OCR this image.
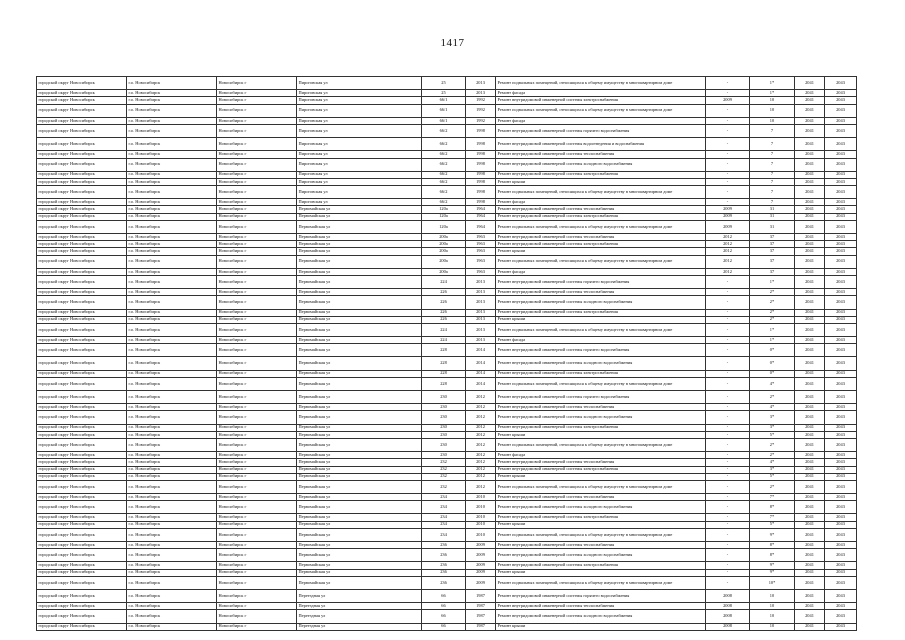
1417
городской округ Новосибирск	г.о. Новосибирск	Новосибирск г	Пироговская ул	25	2013	Ремонт подвальных помещений, относящихся к общему имуществу в многоквартирном доме	-	1*	2041	2043
городской округ Новосибирск	г.о. Новосибирск	Новосибирск г	Пироговская ул	25	2013	Ремонт фасада	-	1*	2041	2043
городской округ Новосибирск	г.о. Новосибирск	Новосибирск г	Пироговская ул	66/1	1992	Ремонт внутридомовой инженерной системы электроснабжения	2009	10	2041	2043
городской округ Новосибирск	г.о. Новосибирск	Новосибирск г	Пироговская ул	66/1	1992	Ремонт подвальных помещений, относящихся к общему имуществу в многоквартирном доме	-	10	2041	2043
городской округ Новосибирск	г.о. Новосибирск	Новосибирск г	Пироговская ул	66/1	1992	Ремонт фасада	-	10	2041	2043
городской округ Новосибирск	г.о. Новосибирск	Новосибирск г	Пироговская ул	66/2	1998	Ремонт внутридомовой инженерной системы горячего водоснабжения	-	7	2041	2043
городской округ Новосибирск	г.о. Новосибирск	Новосибирск г	Пироговская ул	66/2	1998	Ремонт внутридомовой инженерной системы водоотведения и водоснабжения	-	7	2041	2043
городской округ Новосибирск	г.о. Новосибирск	Новосибирск г	Пироговская ул	66/2	1998	Ремонт внутридомовой инженерной системы теплоснабжения	-	7	2041	2043
городской округ Новосибирск	г.о. Новосибирск	Новосибирск г	Пироговская ул	66/2	1998	Ремонт внутридомовой инженерной системы холодного водоснабжения	-	7	2041	2043
городской округ Новосибирск	г.о. Новосибирск	Новосибирск г	Пироговская ул	66/2	1998	Ремонт внутридомовой инженерной системы электроснабжения	-	7	2041	2043
городской округ Новосибирск	г.о. Новосибирск	Новосибирск г	Пироговская ул	66/2	1998	Ремонт крыши	-	7	2041	2043
городской округ Новосибирск	г.о. Новосибирск	Новосибирск г	Пироговская ул	66/2	1998	Ремонт подвальных помещений, относящихся к общему имуществу в многоквартирном доме	-	7	2041	2043
городской округ Новосибирск	г.о. Новосибирск	Новосибирск г	Пироговская ул	66/2	1998	Ремонт фасада	-	7	2041	2043
городской округ Новосибирск	г.о. Новосибирск	Новосибирск г	Первомайская ул	120а	1964	Ремонт внутридомовой инженерной системы теплоснабжения	2009	31	2041	2043
городской округ Новосибирск	г.о. Новосибирск	Новосибирск г	Первомайская ул	120а	1964	Ремонт внутридомовой инженерной системы электроснабжения	2009	31	2041	2043
городской округ Новосибирск	г.о. Новосибирск	Новосибирск г	Первомайская ул	120а	1964	Ремонт подвальных помещений, относящихся к общему имуществу в многоквартирном доме	2009	31	2041	2043
городской округ Новосибирск	г.о. Новосибирск	Новосибирск г	Первомайская ул	200а	1963	Ремонт внутридомовой инженерной системы теплоснабжения	2012	37	2041	2043
городской округ Новосибирск	г.о. Новосибирск	Новосибирск г	Первомайская ул	200а	1963	Ремонт внутридомовой инженерной системы электроснабжения	2012	37	2041	2043
городской округ Новосибирск	г.о. Новосибирск	Новосибирск г	Первомайская ул	200а	1963	Ремонт крыши	2012	37	2041	2043
городской округ Новосибирск	г.о. Новосибирск	Новосибирск г	Первомайская ул	200а	1963	Ремонт подвальных помещений, относящихся к общему имуществу в многоквартирном доме	2012	37	2041	2043
городской округ Новосибирск	г.о. Новосибирск	Новосибирск г	Первомайская ул	200а	1963	Ремонт фасада	2012	37	2041	2043
городской округ Новосибирск	г.о. Новосибирск	Новосибирск г	Первомайская ул	224	2013	Ремонт внутридомовой инженерной системы горячего водоснабжения	-	1*	2041	2043
городской округ Новосибирск	г.о. Новосибирск	Новосибирск г	Первомайская ул	226	2013	Ремонт внутридомовой инженерной системы теплоснабжения	-	2*	2041	2043
городской округ Новосибирск	г.о. Новосибирск	Новосибирск г	Первомайская ул	226	2013	Ремонт внутридомовой инженерной системы холодного водоснабжения	-	2*	2041	2043
городской округ Новосибирск	г.о. Новосибирск	Новосибирск г	Первомайская ул	226	2013	Ремонт внутридомовой инженерной системы электроснабжения	-	2*	2041	2043
городской округ Новосибирск	г.о. Новосибирск	Новосибирск г	Первомайская ул	226	2013	Ремонт крыши	-	2*	2041	2043
городской округ Новосибирск	г.о. Новосибирск	Новосибирск г	Первомайская ул	224	2013	Ремонт подвальных помещений, относящихся к общему имуществу в многоквартирном доме	-	1*	2041	2043
городской округ Новосибирск	г.о. Новосибирск	Новосибирск г	Первомайская ул	224	2013	Ремонт фасада	-	1*	2041	2043
городской округ Новосибирск	г.о. Новосибирск	Новосибирск г	Первомайская ул	228	2014	Ремонт внутридомовой инженерной системы горячего водоснабжения	-	0*	2041	2043
городской округ Новосибирск	г.о. Новосибирск	Новосибирск г	Первомайская ул	228	2014	Ремонт внутридомовой инженерной системы холодного водоснабжения	-	0*	2041	2043
городской округ Новосибирск	г.о. Новосибирск	Новосибирск г	Первомайская ул	228	2014	Ремонт внутридомовой инженерной системы электроснабжения	-	0*	2041	2043
городской округ Новосибирск	г.о. Новосибирск	Новосибирск г	Первомайская ул	228	2014	Ремонт подвальных помещений, относящихся к общему имуществу в многоквартирном доме	-	4*	2041	2043
городской округ Новосибирск	г.о. Новосибирск	Новосибирск г	Первомайская ул	230	2012	Ремонт внутридомовой инженерной системы горячего водоснабжения	-	2*	2041	2043
городской округ Новосибирск	г.о. Новосибирск	Новосибирск г	Первомайская ул	230	2012	Ремонт внутридомовой инженерной системы теплоснабжения	-	4*	2041	2043
городской округ Новосибирск	г.о. Новосибирск	Новосибирск г	Первомайская ул	230	2012	Ремонт внутридомовой инженерной системы холодного водоснабжения	-	3*	2041	2043
городской округ Новосибирск	г.о. Новосибирск	Новосибирск г	Первомайская ул	230	2012	Ремонт внутридомовой инженерной системы электроснабжения	-	3*	2041	2043
городской округ Новосибирск	г.о. Новосибирск	Новосибирск г	Первомайская ул	230	2012	Ремонт крыши	-	5*	2041	2043
городской округ Новосибирск	г.о. Новосибирск	Новосибирск г	Первомайская ул	230	2012	Ремонт подвальных помещений, относящихся к общему имуществу в многоквартирном доме	-	2*	2041	2043
городской округ Новосибирск	г.о. Новосибирск	Новосибирск г	Первомайская ул	230	2012	Ремонт фасада	-	2*	2041	2043
городской округ Новосибирск	г.о. Новосибирск	Новосибирск г	Первомайская ул	232	2012	Ремонт внутридомовой инженерной системы теплоснабжения	-	4*	2041	2043
городской округ Новосибирск	г.о. Новосибирск	Новосибирск г	Первомайская ул	232	2012	Ремонт внутридомовой инженерной системы электроснабжения	-	3*	2041	2043
городской округ Новосибирск	г.о. Новосибирск	Новосибирск г	Первомайская ул	232	2012	Ремонт крыши	-	5*	2041	2043
городской округ Новосибирск	г.о. Новосибирск	Новосибирск г	Первомайская ул	232	2012	Ремонт подвальных помещений, относящихся к общему имуществу в многоквартирном доме	-	2*	2041	2043
городской округ Новосибирск	г.о. Новосибирск	Новосибирск г	Первомайская ул	234	2010	Ремонт внутридомовой инженерной системы теплоснабжения	-	7*	2041	2043
городской округ Новосибирск	г.о. Новосибирск	Новосибирск г	Первомайская ул	234	2010	Ремонт внутридомовой инженерной системы холодного водоснабжения	-	8*	2041	2043
городской округ Новосибирск	г.о. Новосибирск	Новосибирск г	Первомайская ул	234	2010	Ремонт внутридомовой инженерной системы электроснабжения	-	7*	2041	2043
городской округ Новосибирск	г.о. Новосибирск	Новосибирск г	Первомайская ул	234	2010	Ремонт крыши	-	5*	2041	2043
городской округ Новосибирск	г.о. Новосибирск	Новосибирск г	Первомайская ул	234	2010	Ремонт подвальных помещений, относящихся к общему имуществу в многоквартирном доме	-	9*	2041	2043
городской округ Новосибирск	г.о. Новосибирск	Новосибирск г	Первомайская ул	236	2009	Ремонт внутридомовой инженерной системы теплоснабжения	-	8*	2041	2043
городской округ Новосибирск	г.о. Новосибирск	Новосибирск г	Первомайская ул	236	2009	Ремонт внутридомовой инженерной системы холодного водоснабжения	-	8*	2041	2043
городской округ Новосибирск	г.о. Новосибирск	Новосибирск г	Первомайская ул	236	2009	Ремонт внутридомовой инженерной системы электроснабжения	-	9*	2041	2043
городской округ Новосибирск	г.о. Новосибирск	Новосибирск г	Первомайская ул	236	2009	Ремонт крыши	-	9*	2041	2043
городской округ Новосибирск	г.о. Новосибирск	Новосибирск г	Первомайская ул	236	2009	Ремонт подвальных помещений, относящихся к общему имуществу в многоквартирном доме	-	10*	2041	2043
городской округ Новосибирск	г.о. Новосибирск	Новосибирск г	Переездная ул	66	1987	Ремонт внутридомовой инженерной системы горячего водоснабжения	2008	10	2041	2043
городской округ Новосибирск	г.о. Новосибирск	Новосибирск г	Переездная ул	66	1987	Ремонт внутридомовой инженерной системы теплоснабжения	2008	10	2041	2043
городской округ Новосибирск	г.о. Новосибирск	Новосибирск г	Переездная ул	66	1987	Ремонт внутридомовой инженерной системы холодного водоснабжения	2008	10	2041	2043
городской округ Новосибирск	г.о. Новосибирск	Новосибирск г	Переездная ул	66	1987	Ремонт крыши	2008	10	2041	2043
